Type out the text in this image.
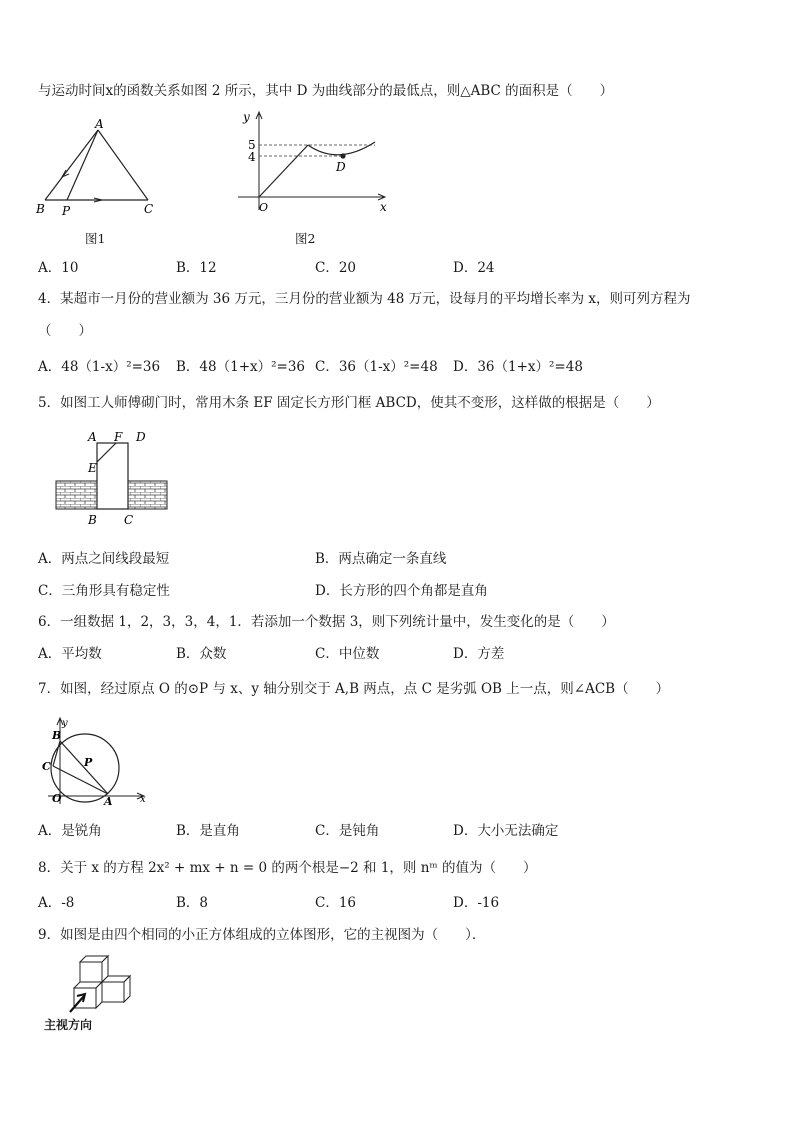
与运动时间x的函数关系如图 2 所示，其中 D 为曲线部分的最低点，则△ABC 的面积是（　　）
A
B P	C
图1
y
5
4
D
O	x
图2
A．10	B．12	C．20	D．24
4．某超市一月份的营业额为 36 万元，三月份的营业额为 48 万元，设每月的平均增长率为 x，则可列方程为
（　　）
A．48（1-x）²=36 B．48（1+x）²=36 C．36（1-x）²=48 D．36（1+x）²=48
5．如图工人师傅砌门时，常用木条 EF 固定长方形门框 ABCD，使其不变形，这样做的根据是（　　）
A F D
E
B C
A．两点之间线段最短	B．两点确定一条直线
C．三角形具有稳定性	D．长方形的四个角都是直角
6．一组数据 1，2，3，3，4，1．若添加一个数据 3，则下列统计量中，发生变化的是（　　）
A．平均数	B．众数	C．中位数	D．方差
7．如图，经过原点 O 的⊙P 与 x、y 轴分别交于 A,B 两点，点 C 是劣弧 OB 上一点，则∠ACB（　　）
y
B
C	P
O	A	x
A．是锐角	B．是直角	C．是钝角	D．大小无法确定
8．关于 x 的方程 2x² + mx + n = 0 的两个根是−2 和 1，则 nᵐ 的值为（　　）
A．-8	B．8	C．16	D．-16
9．如图是由四个相同的小正方体组成的立体图形，它的主视图为（　　）．
主视方向
